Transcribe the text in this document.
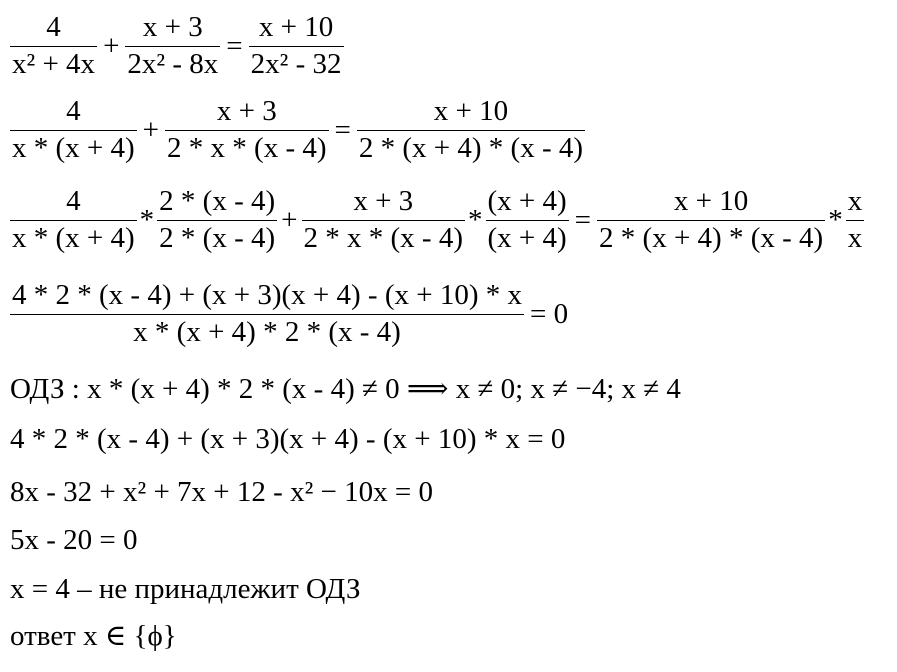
$\frac{4}{\text{x² + 4x}} + \frac{x + 3}{\text{2x² - 8x}} = \frac{x + 10}{\text{2x² - 32}}$
$\frac{4}{x * (x + 4)} + \frac{x + 3}{2 * x * (x - 4)} = \frac{x + 10}{2 * (x + 4) * (x - 4)}$
$\frac{4}{x * (x + 4)} * \frac{2 * (x - 4)}{2 * (x - 4)} + \frac{x + 3}{2 * x * (x - 4)} * \frac{(x + 4)}{(x + 4)} = \frac{x + 10}{2 * (x + 4) * (x - 4)} * \frac{x}{x}$
$\frac{4 * 2 * (x - 4) + (x + 3)(x + 4) - (x + 10) * x}{x * (x + 4) * 2 * (x - 4)} = 0$
ОДЗ : x * (x + 4) * 2 * (x - 4) ≠ 0 ⟹ x ≠ 0; x ≠ −4; x ≠ 4
4 * 2 * (x - 4) + (x + 3)(x + 4) - (x + 10) * x = 0
8x - 32 + x² + 7x + 12 - x² − 10x = 0
5x - 20 = 0
x = 4 – не принадлежит ОДЗ
ответ x ∈ {ϕ}
